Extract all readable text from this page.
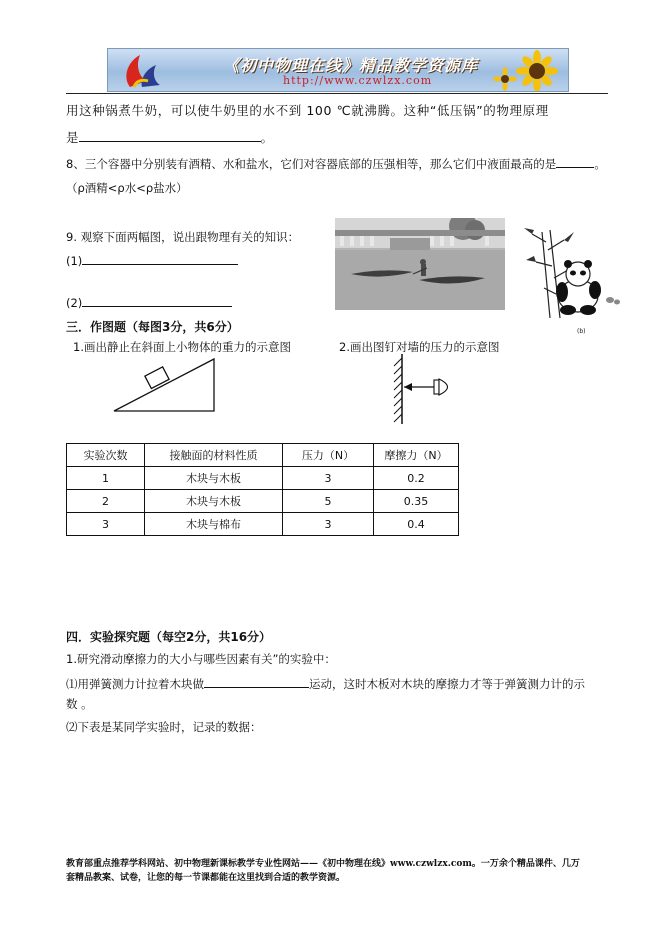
《初中物理在线》精品教学资源库
http://www.czwlzx.com
用这种锅煮牛奶，可以使牛奶里的水不到 100 ℃就沸腾。这种“低压锅”的物理原理
是	。
8、三个容器中分别装有酒精、水和盐水，它们对容器底部的压强相等，那么它们中液面最高的是	。
（ρ酒精<ρ水<ρ盐水）
9. 观察下面两幅图，说出跟物理有关的知识：
(1)
(2)
(b)
三．作图题（每图3分，共6分）
1.画出静止在斜面上小物体的重力的示意图	2.画出图钉对墙的压力的示意图
实验次数	接触面的材料性质	压力（N）	摩擦力（N）
1	木块与木板	3	0.2
2	木块与木板	5	0.35
3	木块与棉布	3	0.4
四．实验探究题（每空2分，共16分）
1.研究滑动摩擦力的大小与哪些因素有关”的实验中：
⑴用弹簧测力计拉着木块做	运动，这时木板对木块的摩擦力才等于弹簧测力计的示
数 。
⑵下表是某同学实验时，记录的数据：
教育部重点推荐学科网站、初中物理新课标教学专业性网站——《初中物理在线》www.czwlzx.com。一万余个精品课件、几万
套精品教案、试卷，让您的每一节课都能在这里找到合适的教学资源。
